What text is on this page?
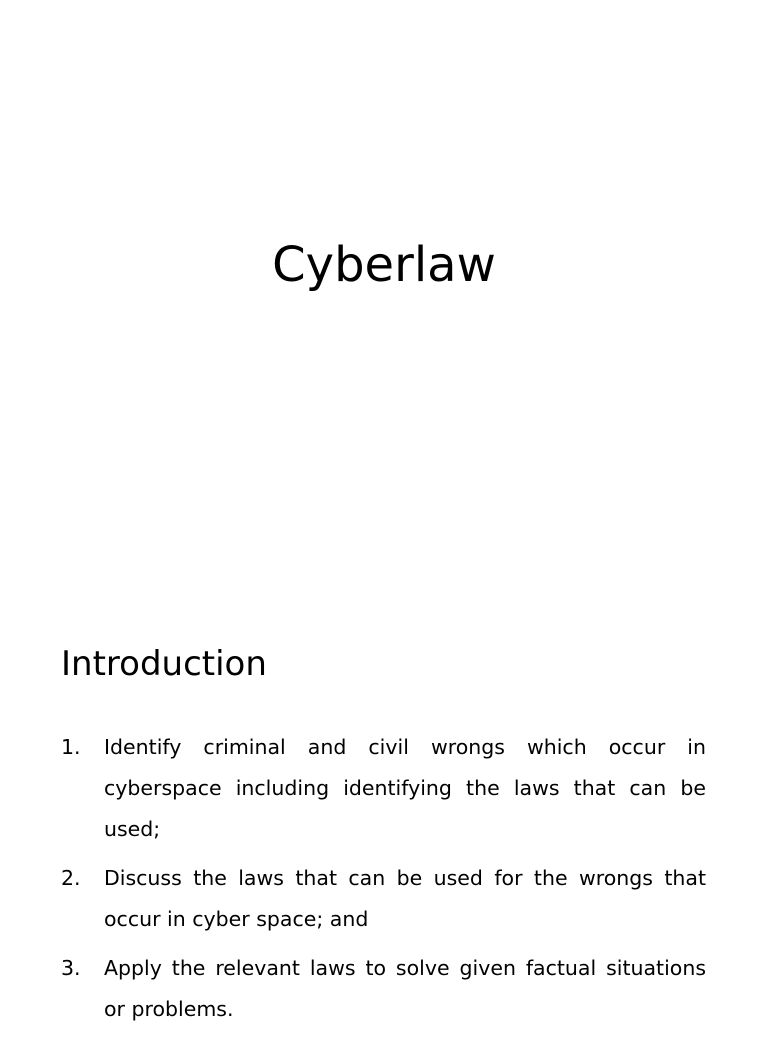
Cyberlaw
Introduction
1.	Identify criminal and civil wrongs which occur in cyberspace including identifying the laws that can be used;
2.	Discuss the laws that can be used for the wrongs that occur in cyber space; and
3.	Apply the relevant laws to solve given factual situations or problems.
